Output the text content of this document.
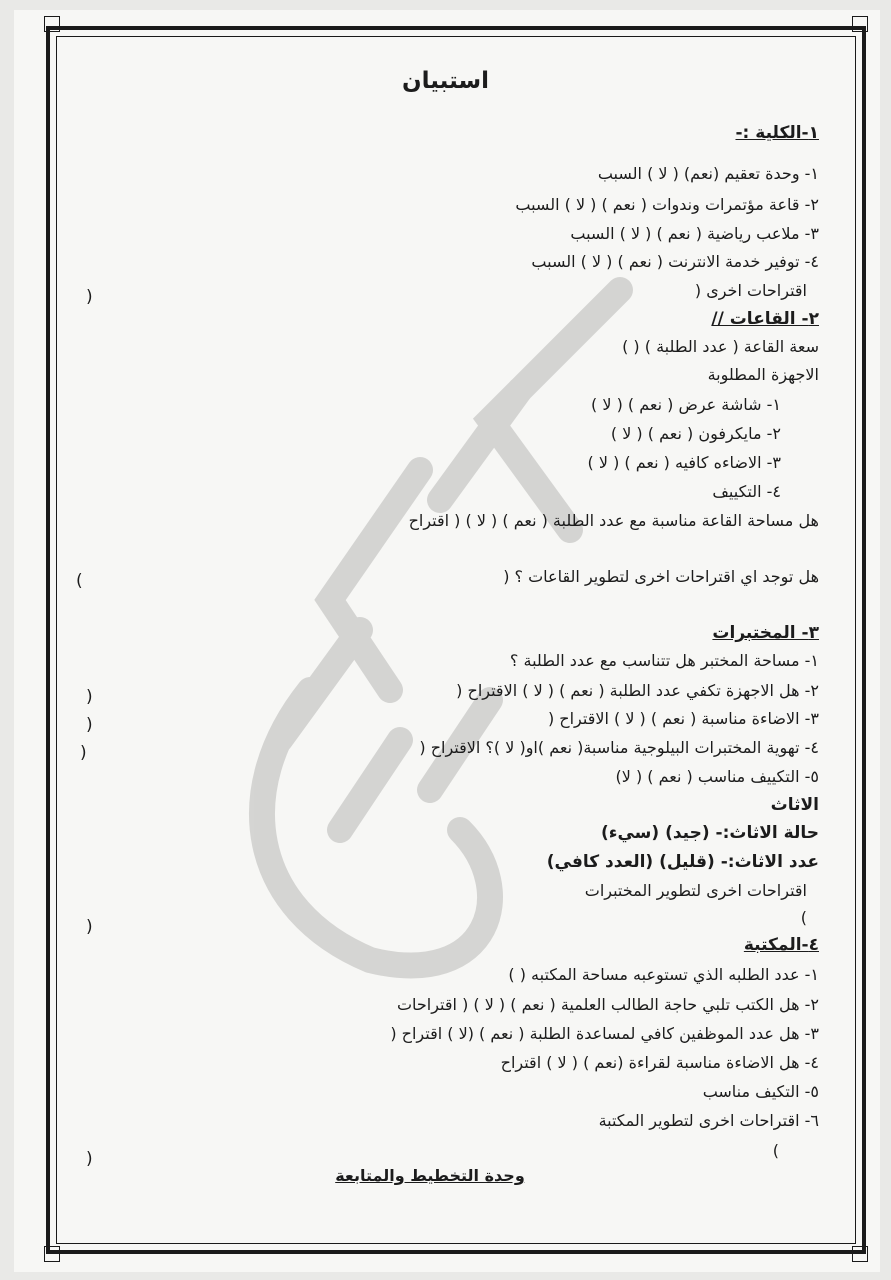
استبيان
١-الكلية :-
١- وحدة تعقيم (نعم) ( لا ) السبب
٢- قاعة مؤتمرات وندوات ( نعم ) ( لا ) السبب
٣- ملاعب رياضية ( نعم ) ( لا ) السبب
٤- توفير خدمة الانترنت ( نعم ) ( لا ) السبب
اقتراحات اخرى (
)
٢- القاعات //
سعة القاعة ( عدد الطلبة ) ( )
الاجهزة المطلوبة
١- شاشة عرض ( نعم ) ( لا )
٢- مايكرفون ( نعم ) ( لا )
٣- الاضاءه كافيه ( نعم ) ( لا )
٤- التكييف
هل مساحة القاعة مناسبة مع عدد الطلبة ( نعم ) ( لا ) ( اقتراح
هل توجد اي اقتراحات اخرى لتطوير القاعات ؟ (
(
٣- المختبرات
١- مساحة المختبر هل تتناسب مع عدد الطلبة ؟
٢- هل الاجهزة تكفي عدد الطلبة ( نعم ) ( لا ) الاقتراح (
)
٣- الاضاءة مناسبة ( نعم ) ( لا ) الاقتراح (
)
٤- تهوية المختبرات البيلوجية مناسبة( نعم )او( لا )؟ الاقتراح (
)
٥- التكييف مناسب ( نعم ) ( لا)
الاثاث
حالة الاثاث:- (جيد) (سيء)
عدد الاثاث:- (قليل) (العدد كافي)
اقتراحات اخرى لتطوير المختبرات
)
)
٤-المكتبة
١- عدد الطلبه الذي تستوعبه مساحة المكتبه ( )
٢- هل الكتب تلبي حاجة الطالب العلمية ( نعم ) ( لا ) ( اقتراحات
٣- هل عدد الموظفين كافي لمساعدة الطلبة ( نعم ) (لا ) اقتراح (
٤- هل الاضاءة مناسبة لقراءة (نعم ) ( لا ) اقتراح
٥- التكيف مناسب
٦- اقتراحات اخرى لتطوير المكتبة
)
)
وحدة التخطيط والمتابعة
